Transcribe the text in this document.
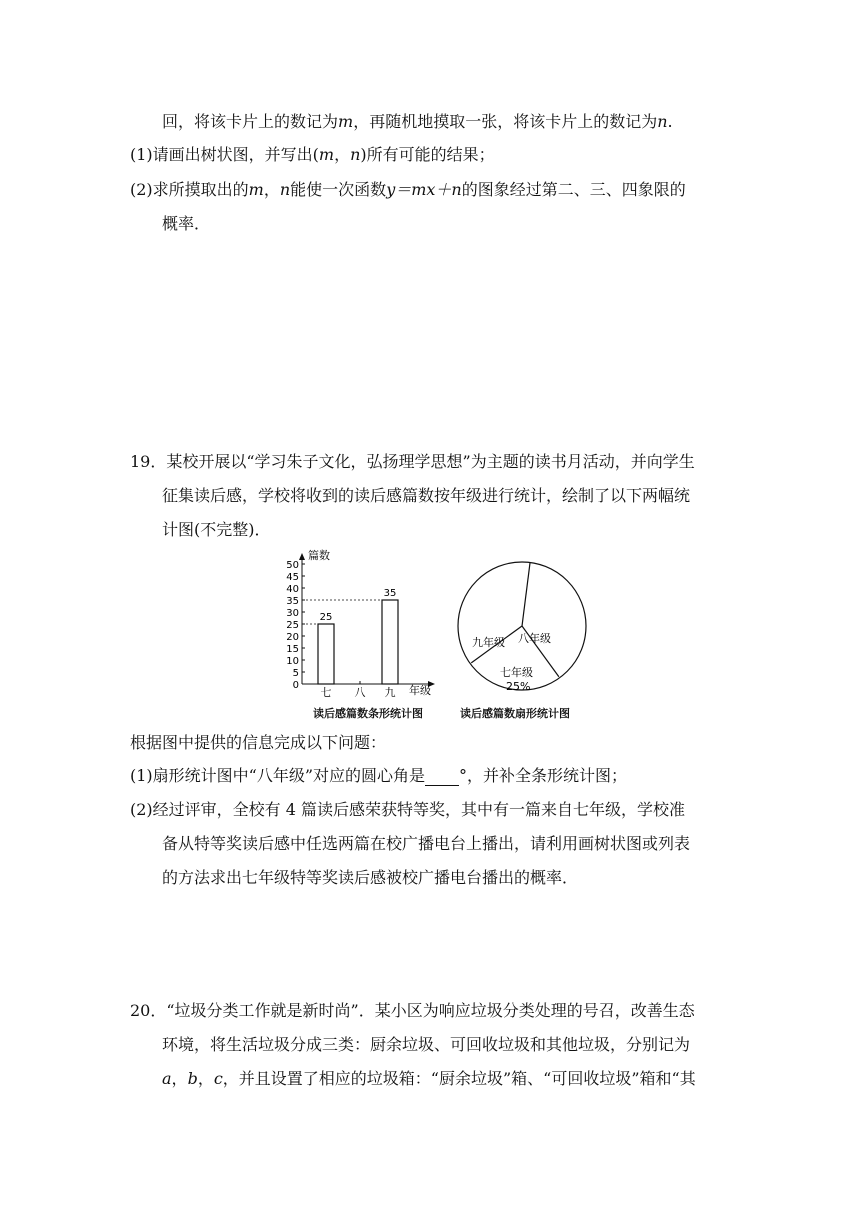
回，将该卡片上的数记为m，再随机地摸取一张，将该卡片上的数记为n.
(1)请画出树状图，并写出(m，n)所有可能的结果；
(2)求所摸取出的m，n能使一次函数y＝mx＋n的图象经过第二、三、四象限的
概率．
19．某校开展以“学习朱子文化，弘扬理学思想”为主题的读书月活动，并向学生
征集读后感，学校将收到的读后感篇数按年级进行统计，绘制了以下两幅统
计图(不完整)．
0
5
10
15
20
25
30
35
40
45
50
七 八 九
25
35
篇数
年级
读后感篇数条形统计图
九年级 八年级
七年级
25%
读后感篇数扇形统计图
根据图中提供的信息完成以下问题：
(1)扇形统计图中“八年级”对应的圆心角是 °，并补全条形统计图；
(2)经过评审，全校有 4 篇读后感荣获特等奖，其中有一篇来自七年级，学校准
备从特等奖读后感中任选两篇在校广播电台上播出，请利用画树状图或列表
的方法求出七年级特等奖读后感被校广播电台播出的概率．
20．“垃圾分类工作就是新时尚”．某小区为响应垃圾分类处理的号召，改善生态
环境，将生活垃圾分成三类：厨余垃圾、可回收垃圾和其他垃圾，分别记为
a，b，c，并且设置了相应的垃圾箱：“厨余垃圾”箱、“可回收垃圾”箱和“其
